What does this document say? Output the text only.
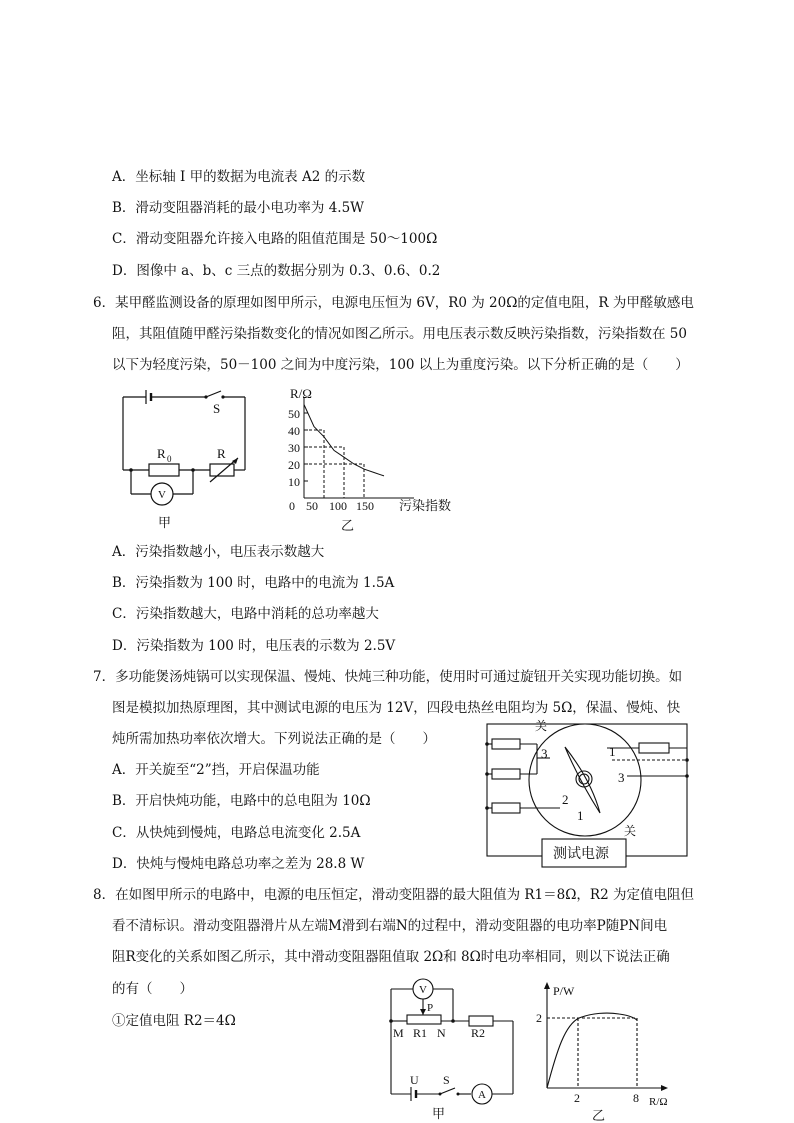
A．坐标轴 I 甲的数据为电流表 A2 的示数
B．滑动变阻器消耗的最小电功率为 4.5W
C．滑动变阻器允许接入电路的阻值范围是 50～100Ω
D．图像中 a、b、c 三点的数据分别为 0.3、0.6、0.2
6．某甲醛监测设备的原理如图甲所示，电源电压恒为 6V，R0 为 20Ω的定值电阻，R 为甲醛敏感电
阻，其阻值随甲醛污染指数变化的情况如图乙所示。用电压表示数反映污染指数，污染指数在 50
以下为轻度污染，50－100 之间为中度污染，100 以上为重度污染。以下分析正确的是（　　）
S
R 0	R
V
甲
R/Ω
污染指数
50
40
30
20
10
0 50 100 150
乙
A．污染指数越小，电压表示数越大
B．污染指数为 100 时，电路中的电流为 1.5A
C．污染指数越大，电路中消耗的总功率越大
D．污染指数为 100 时，电压表的示数为 2.5V
7．多功能煲汤炖锅可以实现保温、慢炖、快炖三种功能，使用时可通过旋钮开关实现功能切换。如
图是模拟加热原理图，其中测试电源的电压为 12V，四段电热丝电阻均为 5Ω，保温、慢炖、快
炖所需加热功率依次增大。下列说法正确的是（　　）
A．开关旋至“2”挡，开启保温功能
B．开启快炖功能，电路中的总电阻为 10Ω
C．从快炖到慢炖，电路总电流变化 2.5A
D．快炖与慢炖电路总功率之差为 28.8 W
测试电源
关
关
1
3
3
2
1
8．在如图甲所示的电路中，电源的电压恒定，滑动变阻器的最大阻值为 R1＝8Ω，R2 为定值电阻但
看不清标识。滑动变阻器滑片从左端M滑到右端N的过程中，滑动变阻器的电功率P随PN间电
阻R变化的关系如图乙所示，其中滑动变阻器阻值取 2Ω和 8Ω时电功率相同，则以下说法正确
的有（　　）
①定值电阻 R2＝4Ω
V
P
M R1 N R2
U S
A
甲
P/W
2
2	8 R/Ω
乙
